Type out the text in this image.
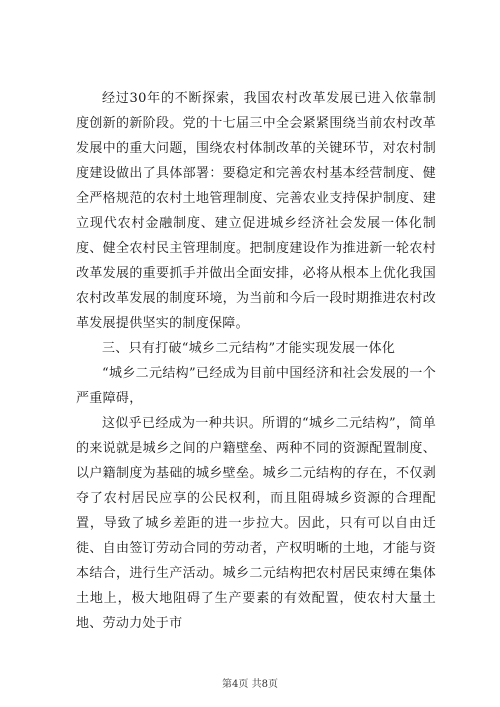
经过30年的不断探索，我国农村改革发展已进入依靠制度创新的新阶段。党的十七届三中全会紧紧围绕当前农村改革发展中的重大问题，围绕农村体制改革的关键环节，对农村制度建设做出了具体部署：要稳定和完善农村基本经营制度、健全严格规范的农村土地管理制度、完善农业支持保护制度、建立现代农村金融制度、建立促进城乡经济社会发展一体化制度、健全农村民主管理制度。把制度建设作为推进新一轮农村改革发展的重要抓手并做出全面安排，必将从根本上优化我国农村改革发展的制度环境，为当前和今后一段时期推进农村改革发展提供坚实的制度保障。

三、只有打破“城乡二元结构”才能实现发展一体化

“城乡二元结构”已经成为目前中国经济和社会发展的一个严重障碍，

这似乎已经成为一种共识。所谓的“城乡二元结构”，简单的来说就是城乡之间的户籍壁垒、两种不同的资源配置制度、以户籍制度为基础的城乡壁垒。城乡二元结构的存在，不仅剥夺了农村居民应享的公民权利，而且阻碍城乡资源的合理配置，导致了城乡差距的进一步拉大。因此，只有可以自由迁徙、自由签订劳动合同的劳动者，产权明晰的土地，才能与资本结合，进行生产活动。城乡二元结构把农村居民束缚在集体土地上，极大地阻碍了生产要素的有效配置，使农村大量土地、劳动力处于市

第4页 共8页
